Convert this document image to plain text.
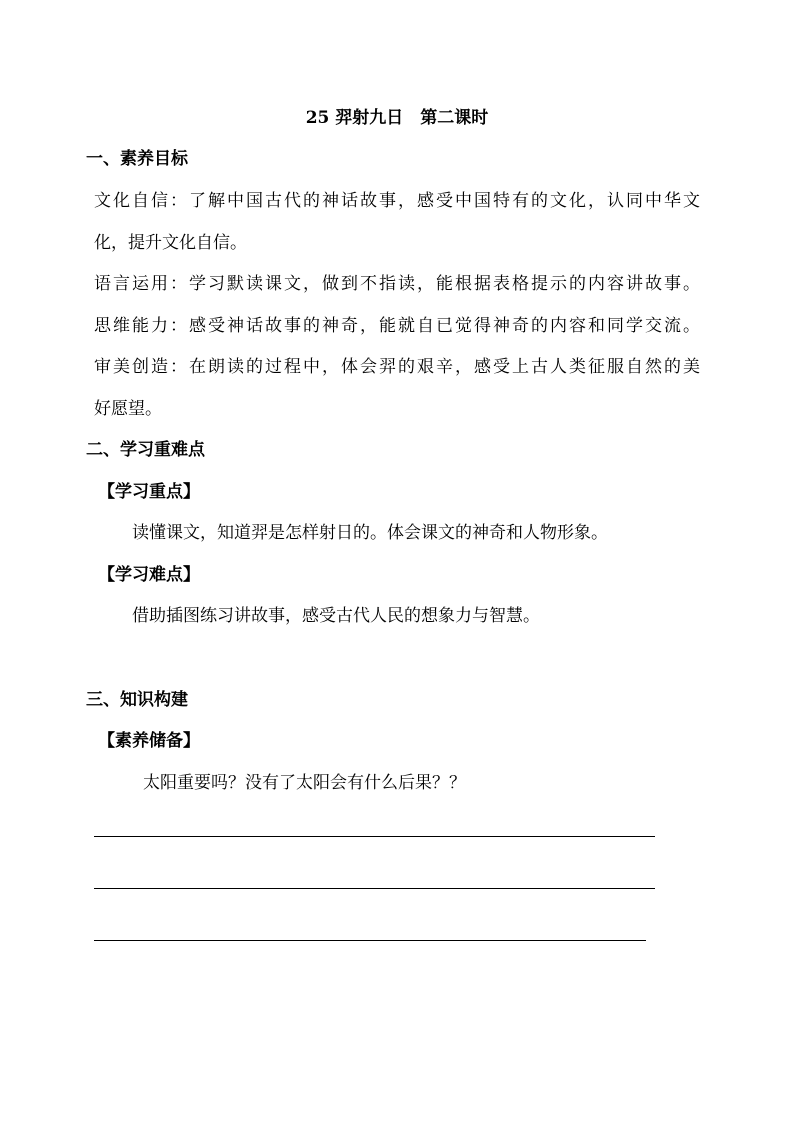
25 羿射九日　第二课时
一、素养目标
文化自信：了解中国古代的神话故事，感受中国特有的文化，认同中华文
化，提升文化自信。
语言运用：学习默读课文，做到不指读，能根据表格提示的内容讲故事。
思维能力：感受神话故事的神奇，能就自已觉得神奇的内容和同学交流。
审美创造：在朗读的过程中，体会羿的艰辛，感受上古人类征服自然的美
好愿望。
二、学习重难点
【学习重点】
读懂课文，知道羿是怎样射日的。体会课文的神奇和人物形象。
【学习难点】
借助插图练习讲故事，感受古代人民的想象力与智慧。
三、知识构建
【素养储备】
太阳重要吗？没有了太阳会有什么后果？？
